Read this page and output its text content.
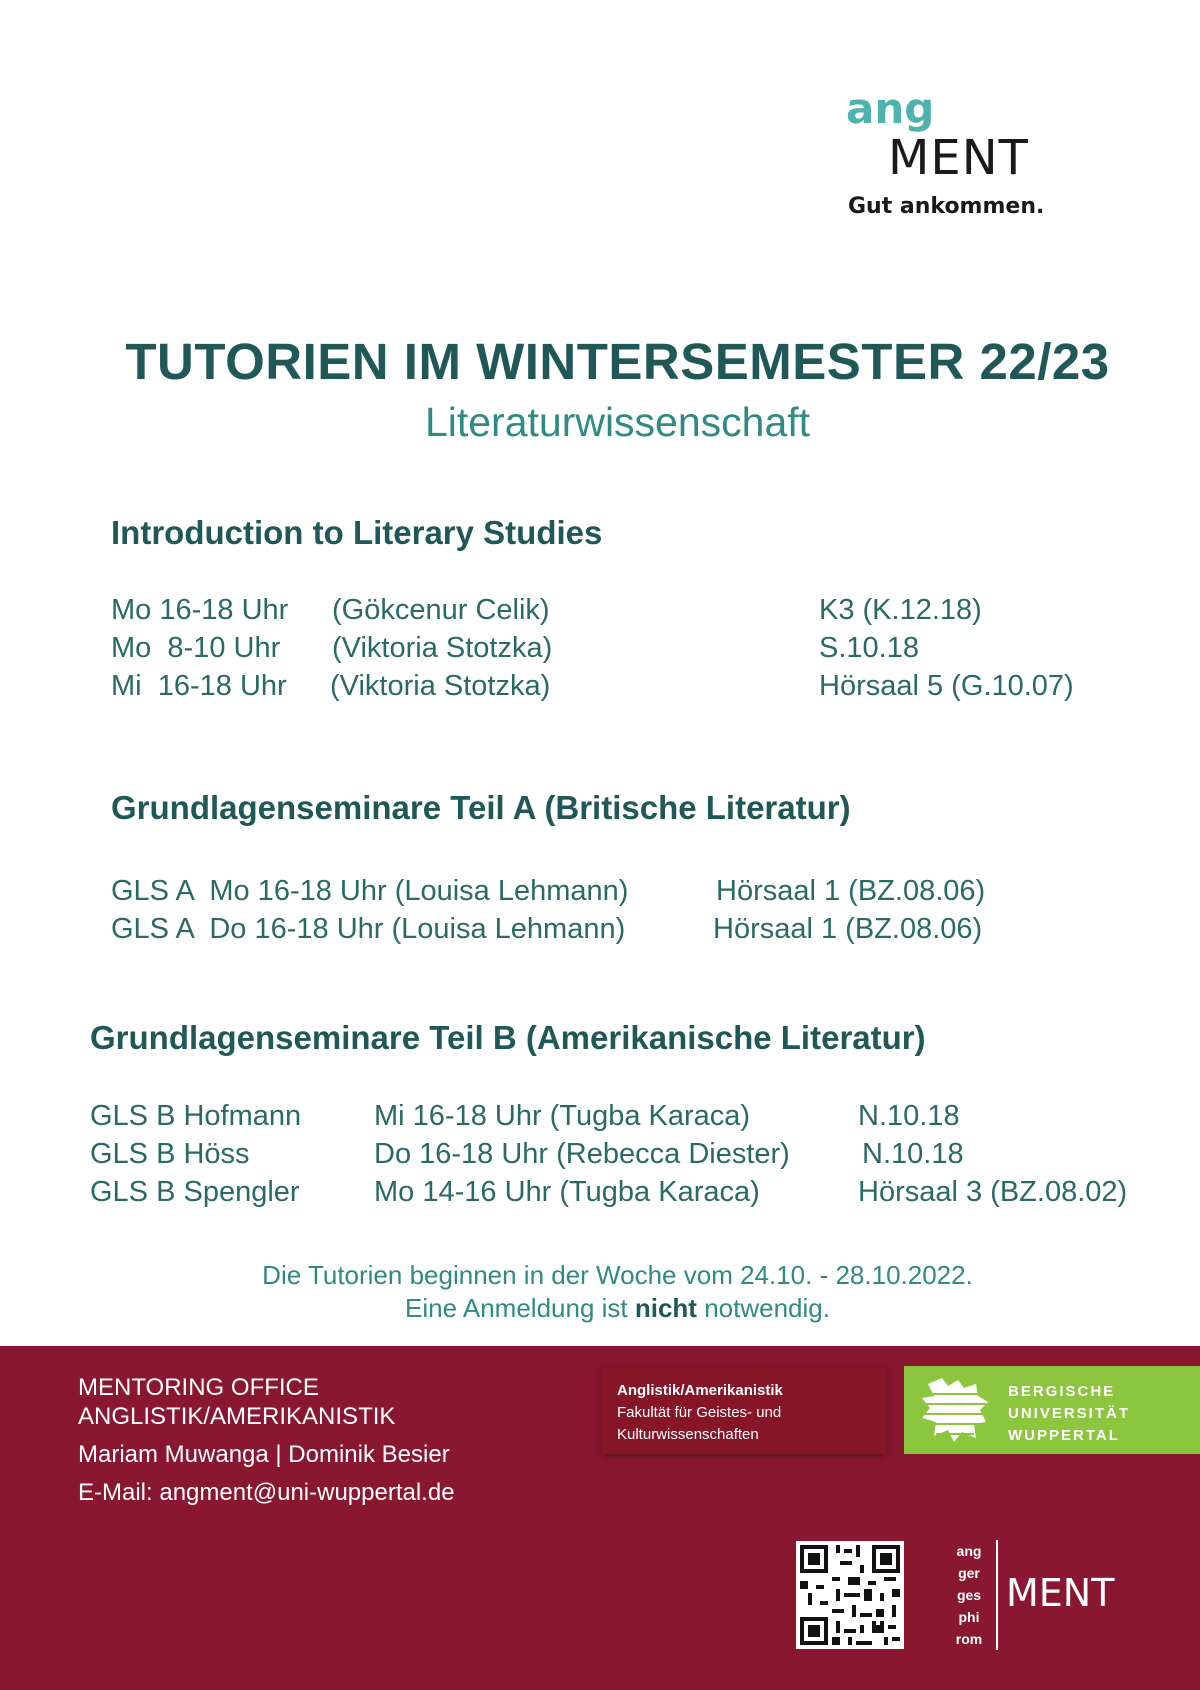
ang
MENT
Gut ankommen.
TUTORIEN IM WINTERSEMESTER 22/23
Literaturwissenschaft
Introduction to Literary Studies
Mo 16-18 Uhr (Gökcenur Celik)	K3 (K.12.18)
Mo  8-10 Uhr (Viktoria Stotzka)	S.10.18
Mi  16-18 Uhr (Viktoria Stotzka)	Hörsaal 5 (G.10.07)
Grundlagenseminare Teil A (Britische Literatur)
GLS A  Mo 16-18 Uhr (Louisa Lehmann)	Hörsaal 1 (BZ.08.06)
GLS A  Do 16-18 Uhr (Louisa Lehmann)	Hörsaal 1 (BZ.08.06)
Grundlagenseminare Teil B (Amerikanische Literatur)
GLS B Hofmann	Mi 16-18 Uhr (Tugba Karaca)	N.10.18
GLS B Höss	Do 16-18 Uhr (Rebecca Diester) N.10.18
GLS B Spengler	Mo 14-16 Uhr (Tugba Karaca)	Hörsaal 3 (BZ.08.02)
Die Tutorien beginnen in der Woche vom 24.10. - 28.10.2022.
Eine Anmeldung ist nicht notwendig.
MENTORING OFFICE
ANGLISTIK/AMERIKANISTIK
Mariam Muwanga | Dominik Besier
E-Mail: angment@uni-wuppertal.de
Anglistik/Amerikanistik
Fakultät für Geistes- und
Kulturwissenschaften
BERGISCHE
UNIVERSITÄT
WUPPERTAL
ang
ger
ges
phi
rom
MENT
